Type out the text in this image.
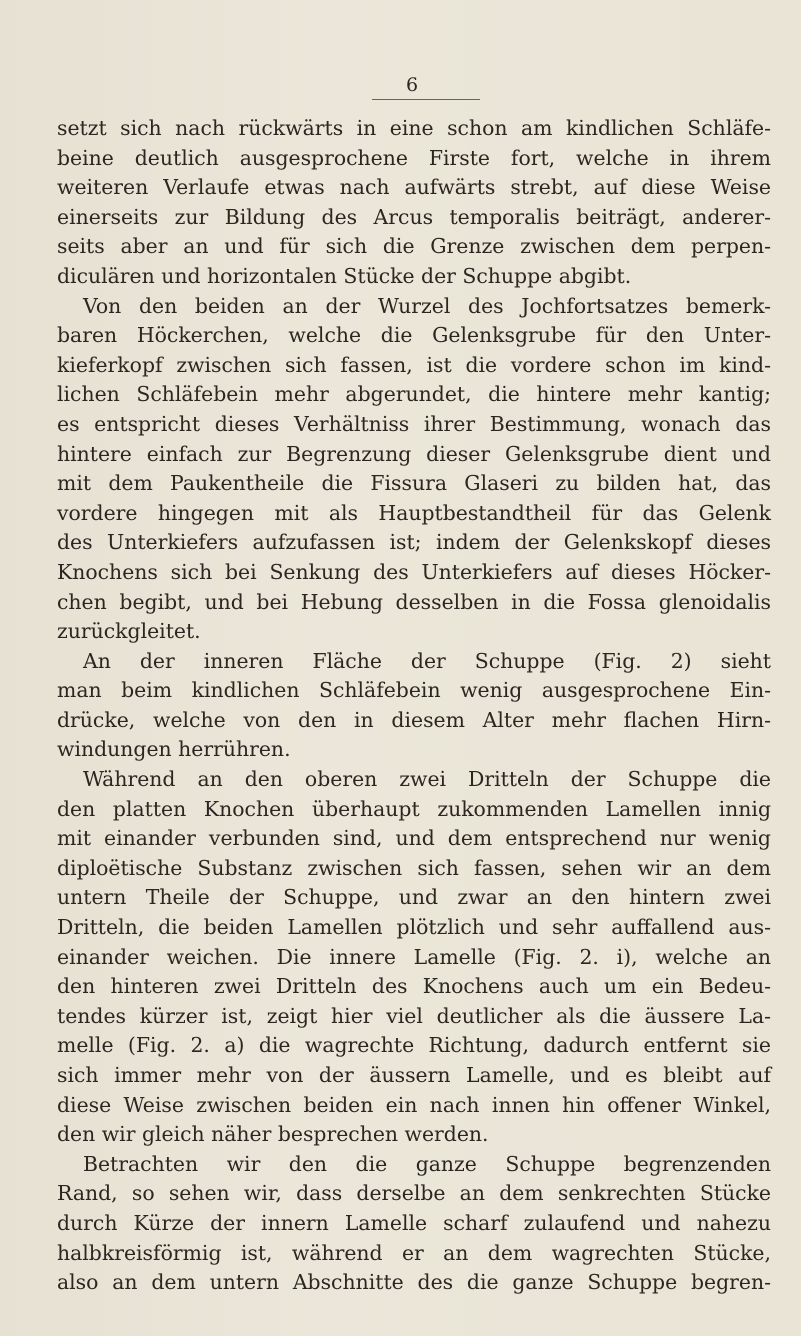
6
setzt sich nach rückwärts in eine schon am kindlichen Schläfe-
beine deutlich ausgesprochene Firste fort, welche in ihrem
weiteren Verlaufe etwas nach aufwärts strebt, auf diese Weise
einerseits zur Bildung des Arcus temporalis beiträgt, anderer-
seits aber an und für sich die Grenze zwischen dem perpen-
diculären und horizontalen Stücke der Schuppe abgibt.
Von den beiden an der Wurzel des Jochfortsatzes bemerk-
baren Höckerchen, welche die Gelenksgrube für den Unter-
kieferkopf zwischen sich fassen, ist die vordere schon im kind-
lichen Schläfebein mehr abgerundet, die hintere mehr kantig;
es entspricht dieses Verhältniss ihrer Bestimmung, wonach das
hintere einfach zur Begrenzung dieser Gelenksgrube dient und
mit dem Paukentheile die Fissura Glaseri zu bilden hat, das
vordere hingegen mit als Hauptbestandtheil für das Gelenk
des Unterkiefers aufzufassen ist; indem der Gelenkskopf dieses
Knochens sich bei Senkung des Unterkiefers auf dieses Höcker-
chen begibt, und bei Hebung desselben in die Fossa glenoidalis
zurückgleitet.
An der inneren Fläche der Schuppe (Fig. 2) sieht
man beim kindlichen Schläfebein wenig ausgesprochene Ein-
drücke, welche von den in diesem Alter mehr flachen Hirn-
windungen herrühren.
Während an den oberen zwei Dritteln der Schuppe die
den platten Knochen überhaupt zukommenden Lamellen innig
mit einander verbunden sind, und dem entsprechend nur wenig
diploëtische Substanz zwischen sich fassen, sehen wir an dem
untern Theile der Schuppe, und zwar an den hintern zwei
Dritteln, die beiden Lamellen plötzlich und sehr auffallend aus-
einander weichen. Die innere Lamelle (Fig. 2. i), welche an
den hinteren zwei Dritteln des Knochens auch um ein Bedeu-
tendes kürzer ist, zeigt hier viel deutlicher als die äussere La-
melle (Fig. 2. a) die wagrechte Richtung, dadurch entfernt sie
sich immer mehr von der äussern Lamelle, und es bleibt auf
diese Weise zwischen beiden ein nach innen hin offener Winkel,
den wir gleich näher besprechen werden.
Betrachten wir den die ganze Schuppe begrenzenden
Rand, so sehen wir, dass derselbe an dem senkrechten Stücke
durch Kürze der innern Lamelle scharf zulaufend und nahezu
halbkreisförmig ist, während er an dem wagrechten Stücke,
also an dem untern Abschnitte des die ganze Schuppe begren-
